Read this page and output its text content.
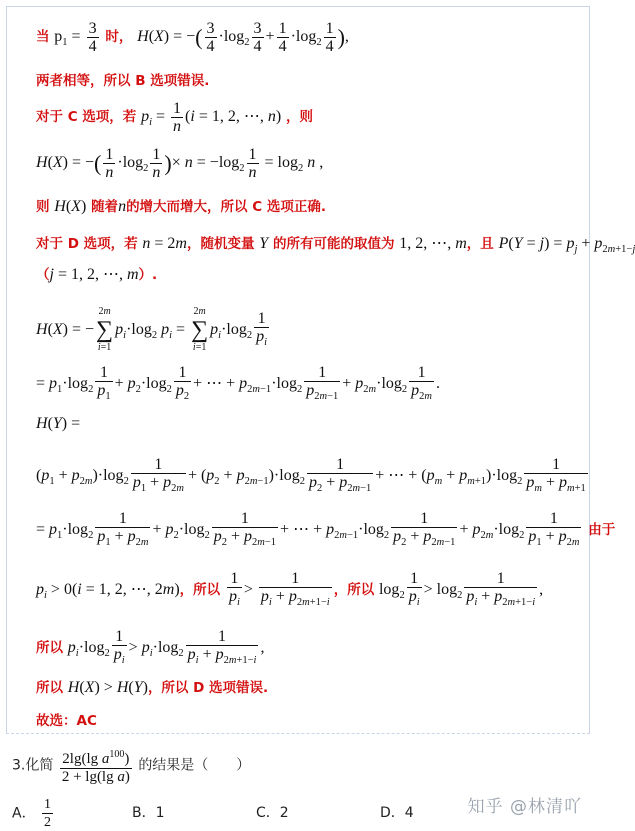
当 $p_1 = \frac{3}{4}$ 时， H(X) = −( $\frac{3}{4} \cdot\log_2 \frac{3}{4} + \frac{1}{4} \cdot\log_2 \frac{1}{4}$ ),
两者相等，所以 B 选项错误.
对于 C 选项，若 $p_i = \frac{1}{n} (i = 1$, 2, ⋯, n) ，则
H(X) = −( $\frac{1}{n} \cdot\log_2 \frac{1}{n}$ )× $n = -\log_2 \frac{1}{n} = \log_2 n$ ,
则 H(X) 随着n的增大而增大，所以 C 选项正确.
对于 D 选项，若 n = 2m，随机变量 Y 的所有可能的取值为 1, 2, ⋯, m，且 $P(Y = j) = p_j + p_{2m+1-j}$
（j = 1, 2, ⋯, m）.
H(X) = −
2m
∑
i=1
$p_i\cdot\log_2$ $p_i$ =
2m
∑
i=1
$p_i\cdot\log_2 \frac{1}{p_i}$
= $p_1\cdot\log_2 \frac{1}{p_1} + p_2\cdot\log_2 \frac{1}{p_2}$ + ⋯ + $p_{2m-1}\cdot\log_2 \frac{1}{p_{2m-1}} + p_{2m}\cdot\log_2 \frac{1}{p_{2m}}$ .
H(Y) =
$(p_1 + p_{2m})\cdot\log_2 \frac{1}{p_1 + p_{2m}} + (p_2 + p_{2m-1})\cdot\log_2 \frac{1}{p_2 + p_{2m-1}}$ + ⋯ + $(p_m + p_{m+1})\cdot\log_2 \frac{1}{p_m + p_{m+1}}$
= $p_1\cdot\log_2 \frac{1}{p_1 + p_{2m}} + p_2\cdot\log_2 \frac{1}{p_2 + p_{2m-1}}$ + ⋯ + $p_{2m-1}\cdot\log_2 \frac{1}{p_2 + p_{2m-1}} + p_{2m}\cdot\log_2 \frac{1}{p_1 + p_{2m}}$ 由于
$p_i > 0(i = 1$, 2, ⋯, 2m)，所以 $\frac{1}{p_i} > \frac{1}{p_i + p_{2m+1-i}}$ ，所以 $\log_2 \frac{1}{p_i} > \log_2 \frac{1}{p_i + p_{2m+1-i}}$ ,
所以 $p_i\cdot\log_2 \frac{1}{p_i} > p_i\cdot\log_2 \frac{1}{p_i + p_{2m+1-i}}$ ,
所以 H(X) > H(Y)，所以 D 选项错误.
故选：AC
3.化简 $\frac{2\lg(\lg a^{100})}{\text{2 + lg(lg a)}}$ 的结果是（　　）
A． $\frac{1}{2}$	B．1	C．2	D．4	知乎 @林清吖
